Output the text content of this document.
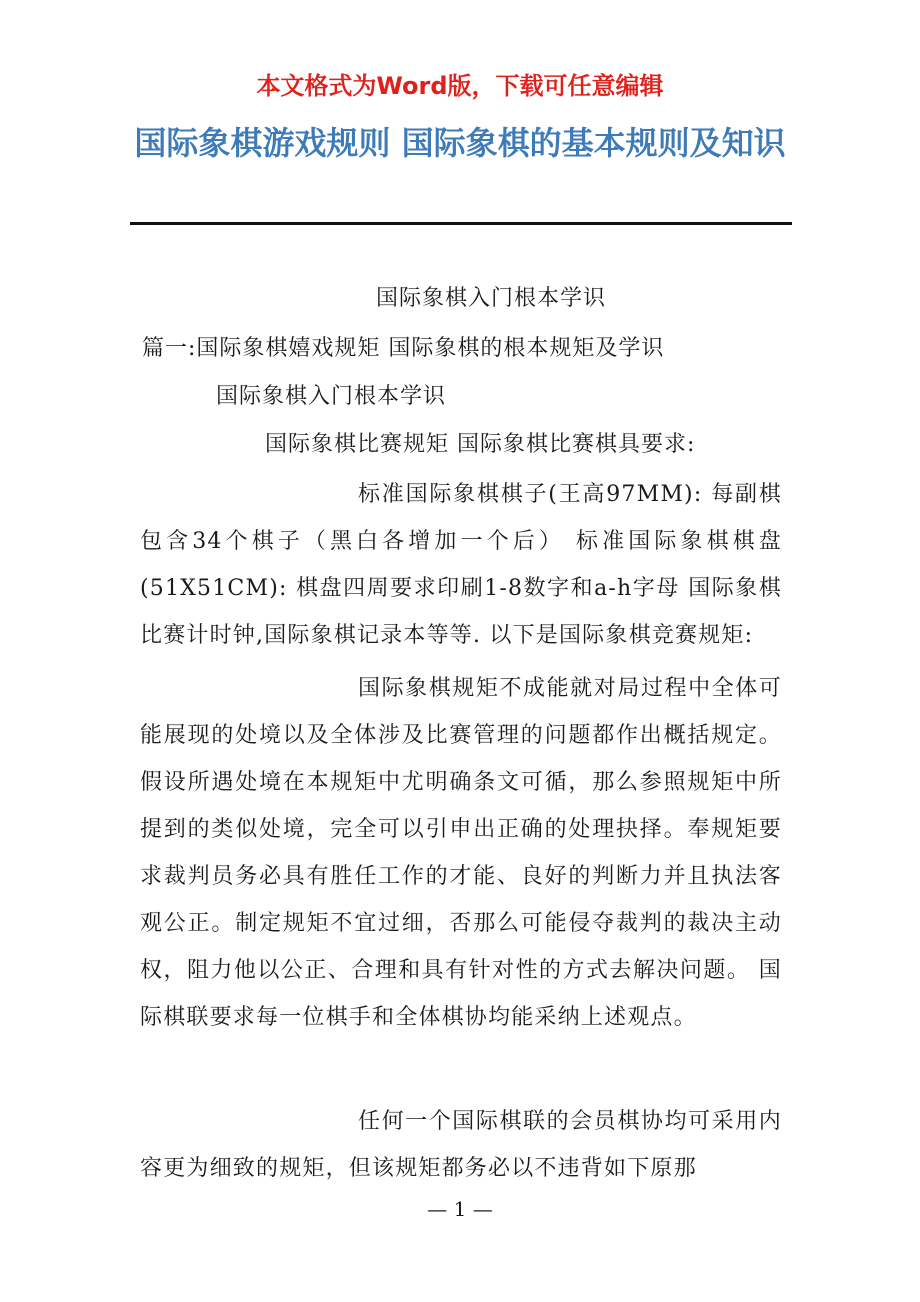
本文格式为Word版，下载可任意编辑
国际象棋游戏规则 国际象棋的基本规则及知识
国际象棋入门根本学识
篇一:国际象棋嬉戏规矩 国际象棋的根本规矩及学识
国际象棋入门根本学识
国际象棋比赛规矩 国际象棋比赛棋具要求:

标准国际象棋棋子(王高97MM): 每副棋包含34个棋子（黑白各增加一个后） 标准国际象棋棋盘(51X51CM): 棋盘四周要求印刷1-8数字和a-h字母 国际象棋比赛计时钟,国际象棋记录本等等. 以下是国际象棋竞赛规矩:

国际象棋规矩不成能就对局过程中全体可能展现的处境以及全体涉及比赛管理的问题都作出概括规定。假设所遇处境在本规矩中尤明确条文可循，那么参照规矩中所提到的类似处境，完全可以引申出正确的处理抉择。奉规矩要求裁判员务必具有胜任工作的才能、良好的判断力并且执法客观公正。制定规矩不宜过细，否那么可能侵夺裁判的裁决主动权，阻力他以公正、合理和具有针对性的方式去解决问题。 国际棋联要求每一位棋手和全体棋协均能采纳上述观点。

任何一个国际棋联的会员棋协均可采用内容更为细致的规矩，但该规矩都务必以不违背如下原那

— 1 —
